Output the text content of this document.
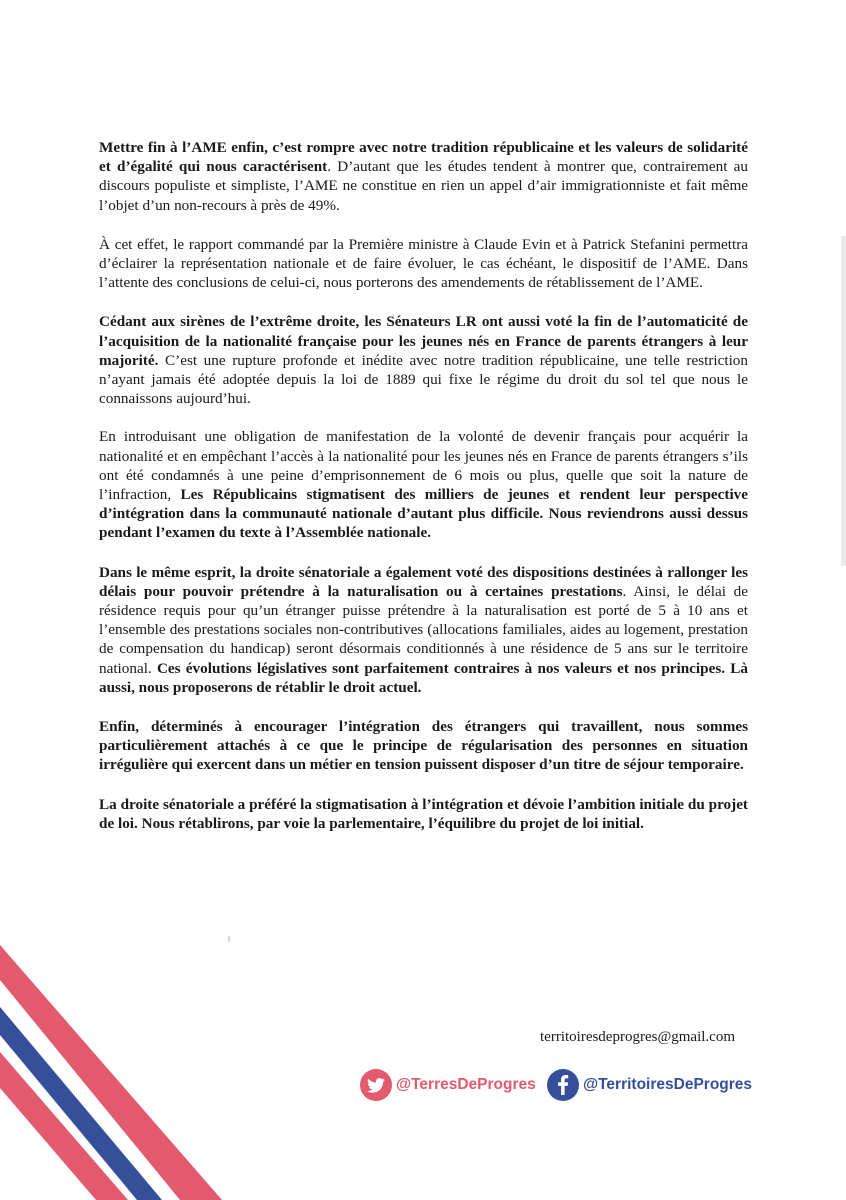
Mettre fin à l’AME enfin, c’est rompre avec notre tradition républicaine et les valeurs de solidarité et d’égalité qui nous caractérisent. D’autant que les études tendent à montrer que, contrairement au discours populiste et simpliste, l’AME ne constitue en rien un appel d’air immigrationniste et fait même l’objet d’un non-recours à près de 49%.

À cet effet, le rapport commandé par la Première ministre à Claude Evin et à Patrick Stefanini permettra d’éclairer la représentation nationale et de faire évoluer, le cas échéant, le dispositif de l’AME. Dans l’attente des conclusions de celui-ci, nous porterons des amendements de rétablissement de l’AME.

Cédant aux sirènes de l’extrême droite, les Sénateurs LR ont aussi voté la fin de l’automaticité de l’acquisition de la nationalité française pour les jeunes nés en France de parents étrangers à leur majorité. C’est une rupture profonde et inédite avec notre tradition républicaine, une telle restriction n’ayant jamais été adoptée depuis la loi de 1889 qui fixe le régime du droit du sol tel que nous le connaissons aujourd’hui.

En introduisant une obligation de manifestation de la volonté de devenir français pour acquérir la nationalité et en empêchant l’accès à la nationalité pour les jeunes nés en France de parents étrangers s’ils ont été condamnés à une peine d’emprisonnement de 6 mois ou plus, quelle que soit la nature de l’infraction, Les Républicains stigmatisent des milliers de jeunes et rendent leur perspective d’intégration dans la communauté nationale d’autant plus difficile. Nous reviendrons aussi dessus pendant l’examen du texte à l’Assemblée nationale.

Dans le même esprit, la droite sénatoriale a également voté des dispositions destinées à rallonger les délais pour pouvoir prétendre à la naturalisation ou à certaines prestations. Ainsi, le délai de résidence requis pour qu’un étranger puisse prétendre à la naturalisation est porté de 5 à 10 ans et l’ensemble des prestations sociales non-contributives (allocations familiales, aides au logement, prestation de compensation du handicap) seront désormais conditionnés à une résidence de 5 ans sur le territoire national. Ces évolutions législatives sont parfaitement contraires à nos valeurs et nos principes. Là aussi, nous proposerons de rétablir le droit actuel.

Enfin, déterminés à encourager l’intégration des étrangers qui travaillent, nous sommes particulièrement attachés à ce que le principe de régularisation des personnes en situation irrégulière qui exercent dans un métier en tension puissent disposer d’un titre de séjour temporaire.

La droite sénatoriale a préféré la stigmatisation à l’intégration et dévoie l’ambition initiale du projet de loi. Nous rétablirons, par voie la parlementaire, l’équilibre du projet de loi initial.

territoiresdeprogres@gmail.com
@TerresDeProgres	@TerritoiresDeProgres
